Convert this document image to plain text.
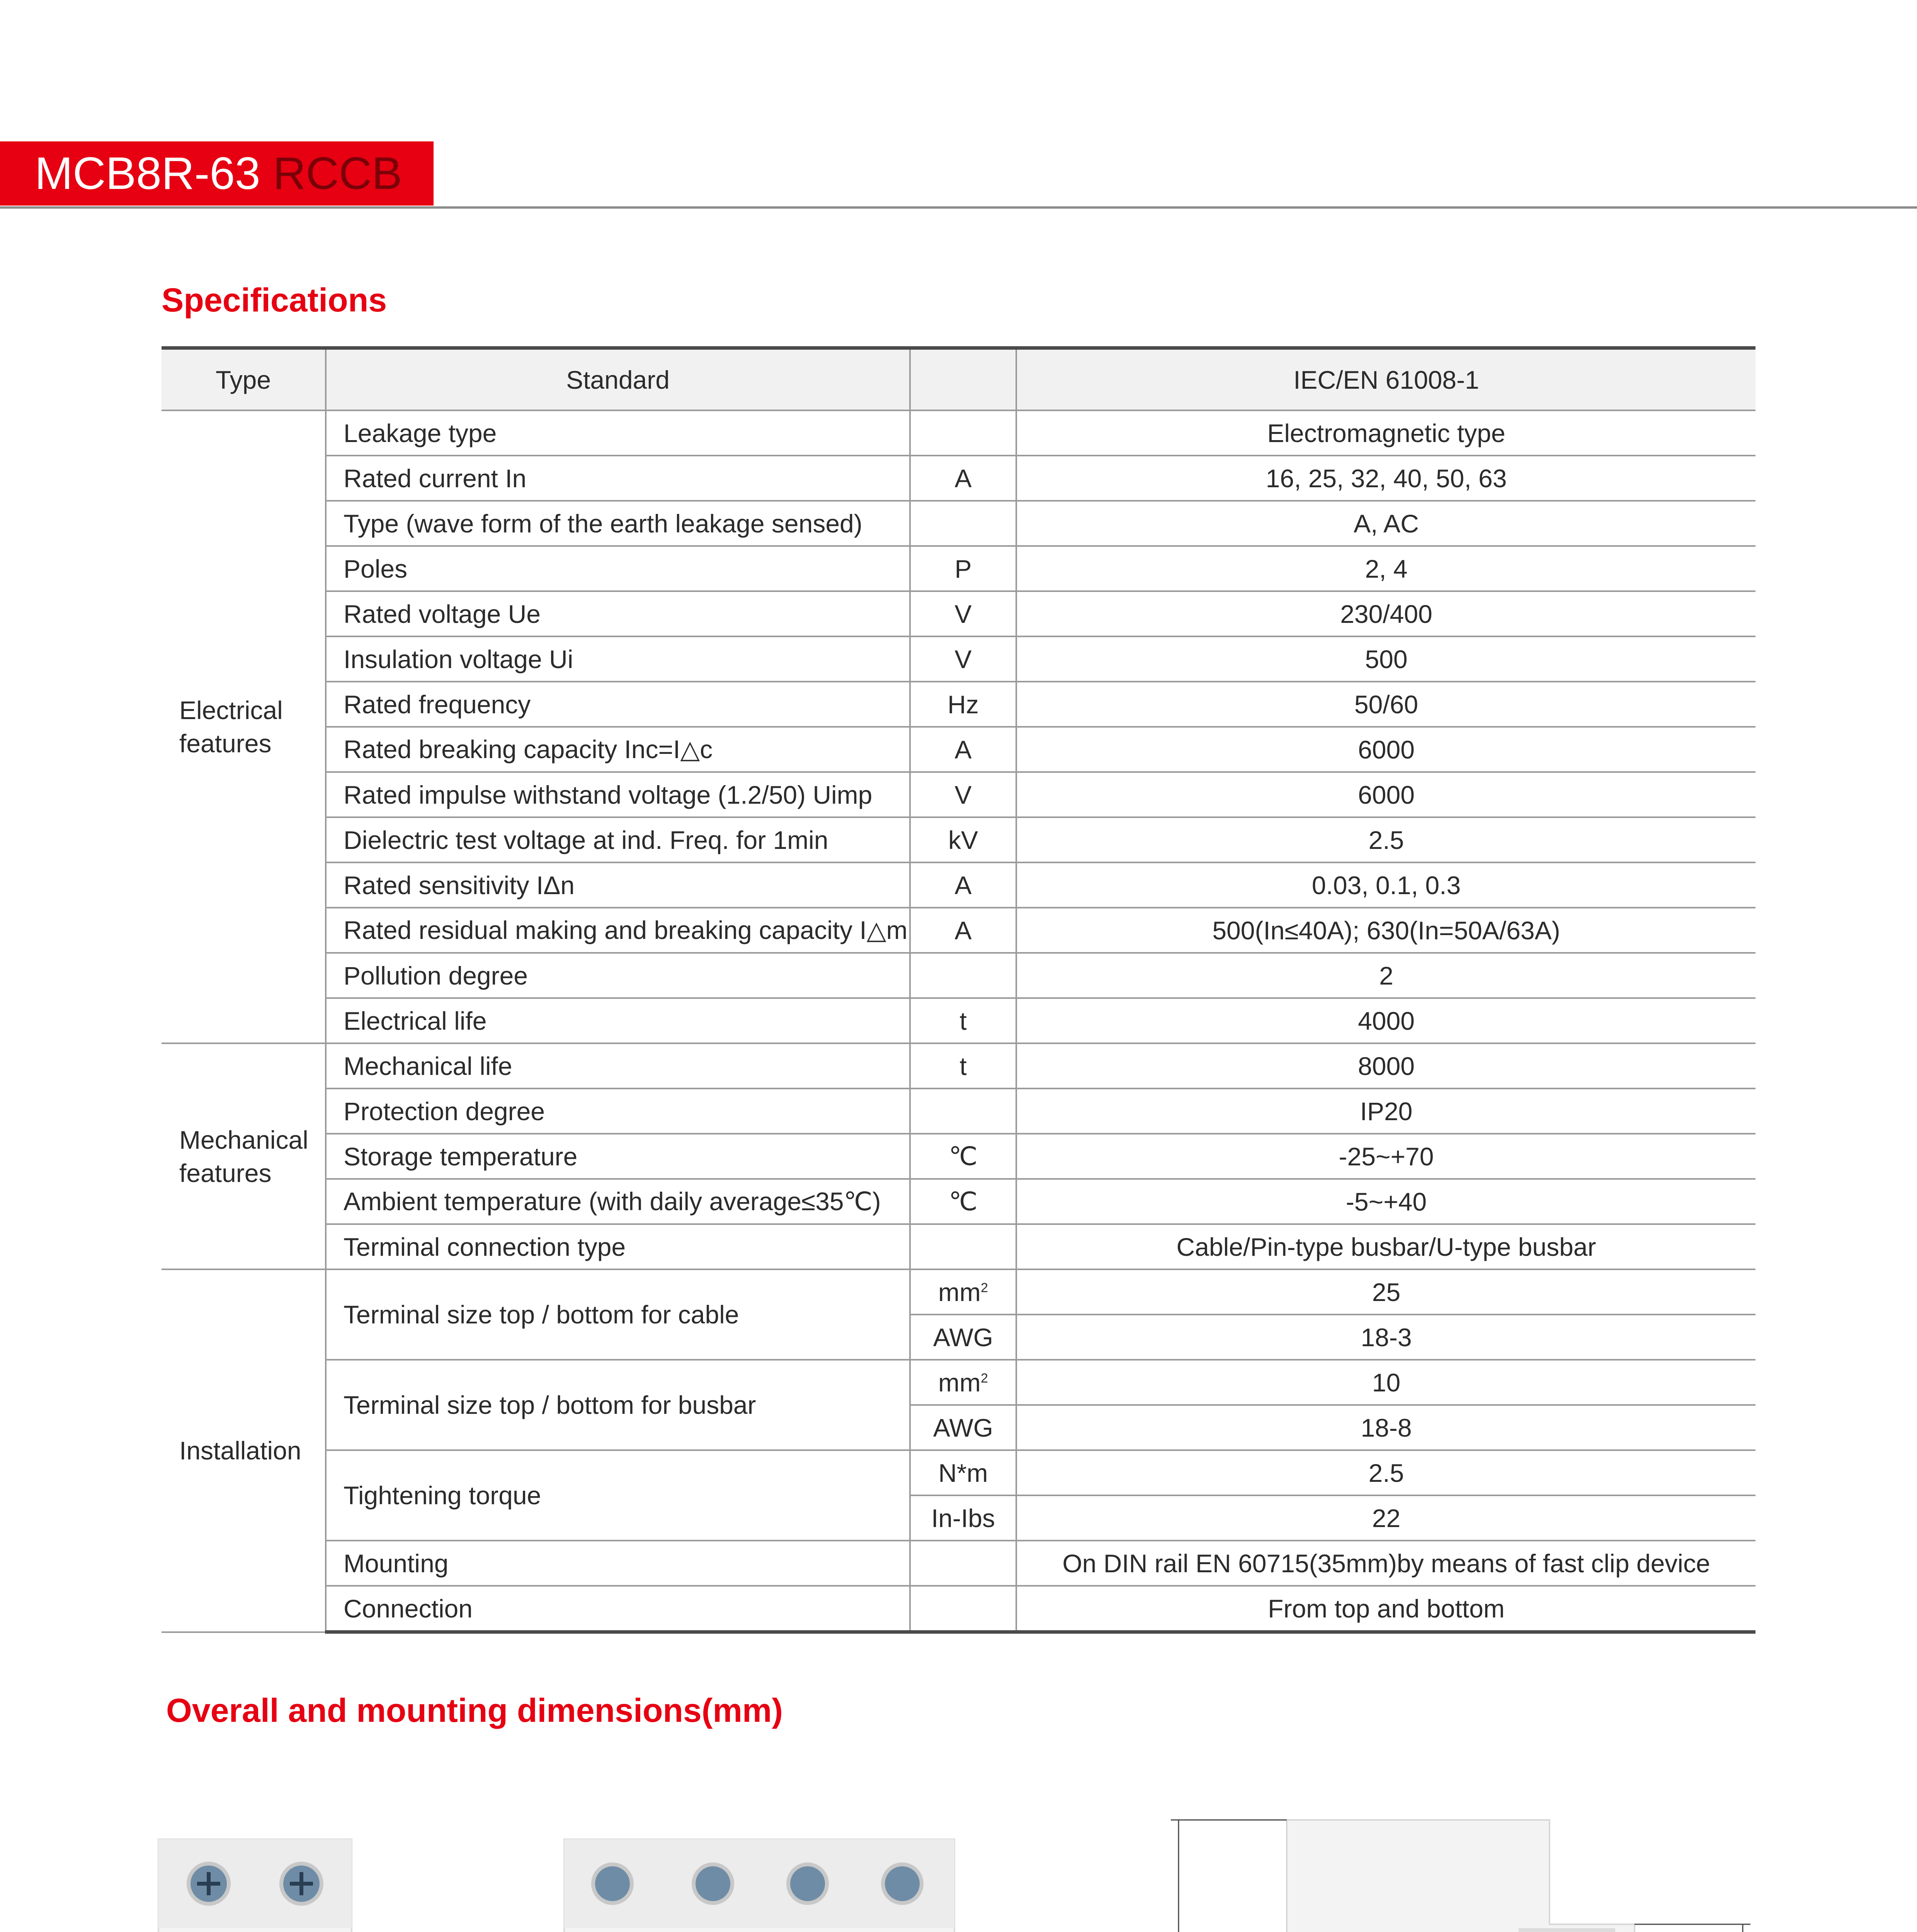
MCB8R-63 RCCB
Specifications
Type	Standard		IEC/EN 61008-1
Electrical features	Leakage type		Electromagnetic type
	Rated current In	A	16, 25, 32, 40, 50, 63
	Type (wave form of the earth leakage sensed)		A, AC
	Poles	P	2, 4
	Rated voltage Ue	V	230/400
	Insulation voltage Ui	V	500
	Rated frequency	Hz	50/60
	Rated breaking capacity Inc=I△c	A	6000
	Rated impulse withstand voltage (1.2/50) Uimp	V	6000
	Dielectric test voltage at ind. Freq. for 1min	kV	2.5
	Rated sensitivity IΔn	A	0.03, 0.1, 0.3
	Rated residual making and breaking capacity I△m	A	500(In≤40A); 630(In=50A/63A)
	Pollution degree		2
	Electrical life	t	4000
Mechanical features	Mechanical life	t	8000
	Protection degree		IP20
	Storage temperature	℃	-25~+70
	Ambient temperature (with daily average≤35℃)	℃	-5~+40
	Terminal connection type		Cable/Pin-type busbar/U-type busbar
Installation	Terminal size top / bottom for cable	$mm^2$	25
		AWG	18-3
	Terminal size top / bottom for busbar	$mm^2$	10
		AWG	18-8
	Tightening torque	N*m	2.5
		In-Ibs	22
	Mounting		On DIN rail EN 60715(35mm)by means of fast clip device
	Connection		From top and bottom
Overall and mounting dimensions(mm)
